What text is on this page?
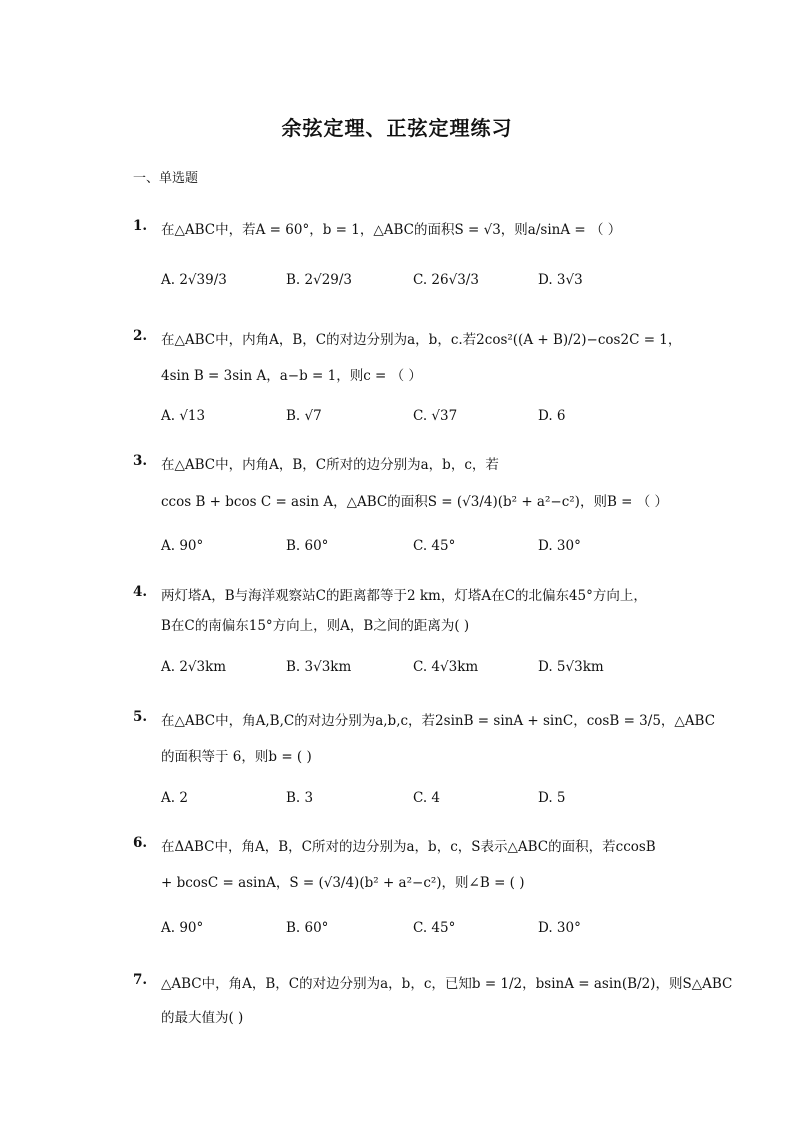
余弦定理、正弦定理练习
一、单选题
1. 在△ABC中，若A = 60°，b = 1，△ABC的面积S = √3，则a/sinA = （ ）
A. 2√39/3	B. 2√29/3	C. 26√3/3	D. 3√3
2. 在△ABC中，内角A，B，C的对边分别为a，b，c.若2cos²((A + B)/2)−cos2C = 1，
4sin B = 3sin A，a−b = 1，则c = （ ）
A. √13	B. √7	C. √37	D. 6
3. 在△ABC中，内角A，B，C所对的边分别为a，b，c，若
ccos B + bcos C = asin A，△ABC的面积S = (√3/4)(b² + a²−c²)，则B = （ ）
A. 90°	B. 60°	C. 45°	D. 30°
4. 两灯塔A，B与海洋观察站C的距离都等于2 km，灯塔A在C的北偏东45°方向上，
B在C的南偏东15°方向上，则A，B之间的距离为( )
A. 2√3km	B. 3√3km	C. 4√3km	D. 5√3km
5. 在△ABC中，角A,B,C的对边分别为a,b,c，若2sinB = sinA + sinC，cosB = 3/5，△ABC
的面积等于 6，则b = ( )
A. 2	B. 3	C. 4	D. 5
6. 在ΔABC中，角A，B，C所对的边分别为a，b，c，S表示△ABC的面积，若ccosB
+ bcosC = asinA，S = (√3/4)(b² + a²−c²)，则∠B = ( )
A. 90°	B. 60°	C. 45°	D. 30°
7. △ABC中，角A，B，C的对边分别为a，b，c，已知b = 1/2，bsinA = asin(B/2)，则S△ABC
的最大值为( )
